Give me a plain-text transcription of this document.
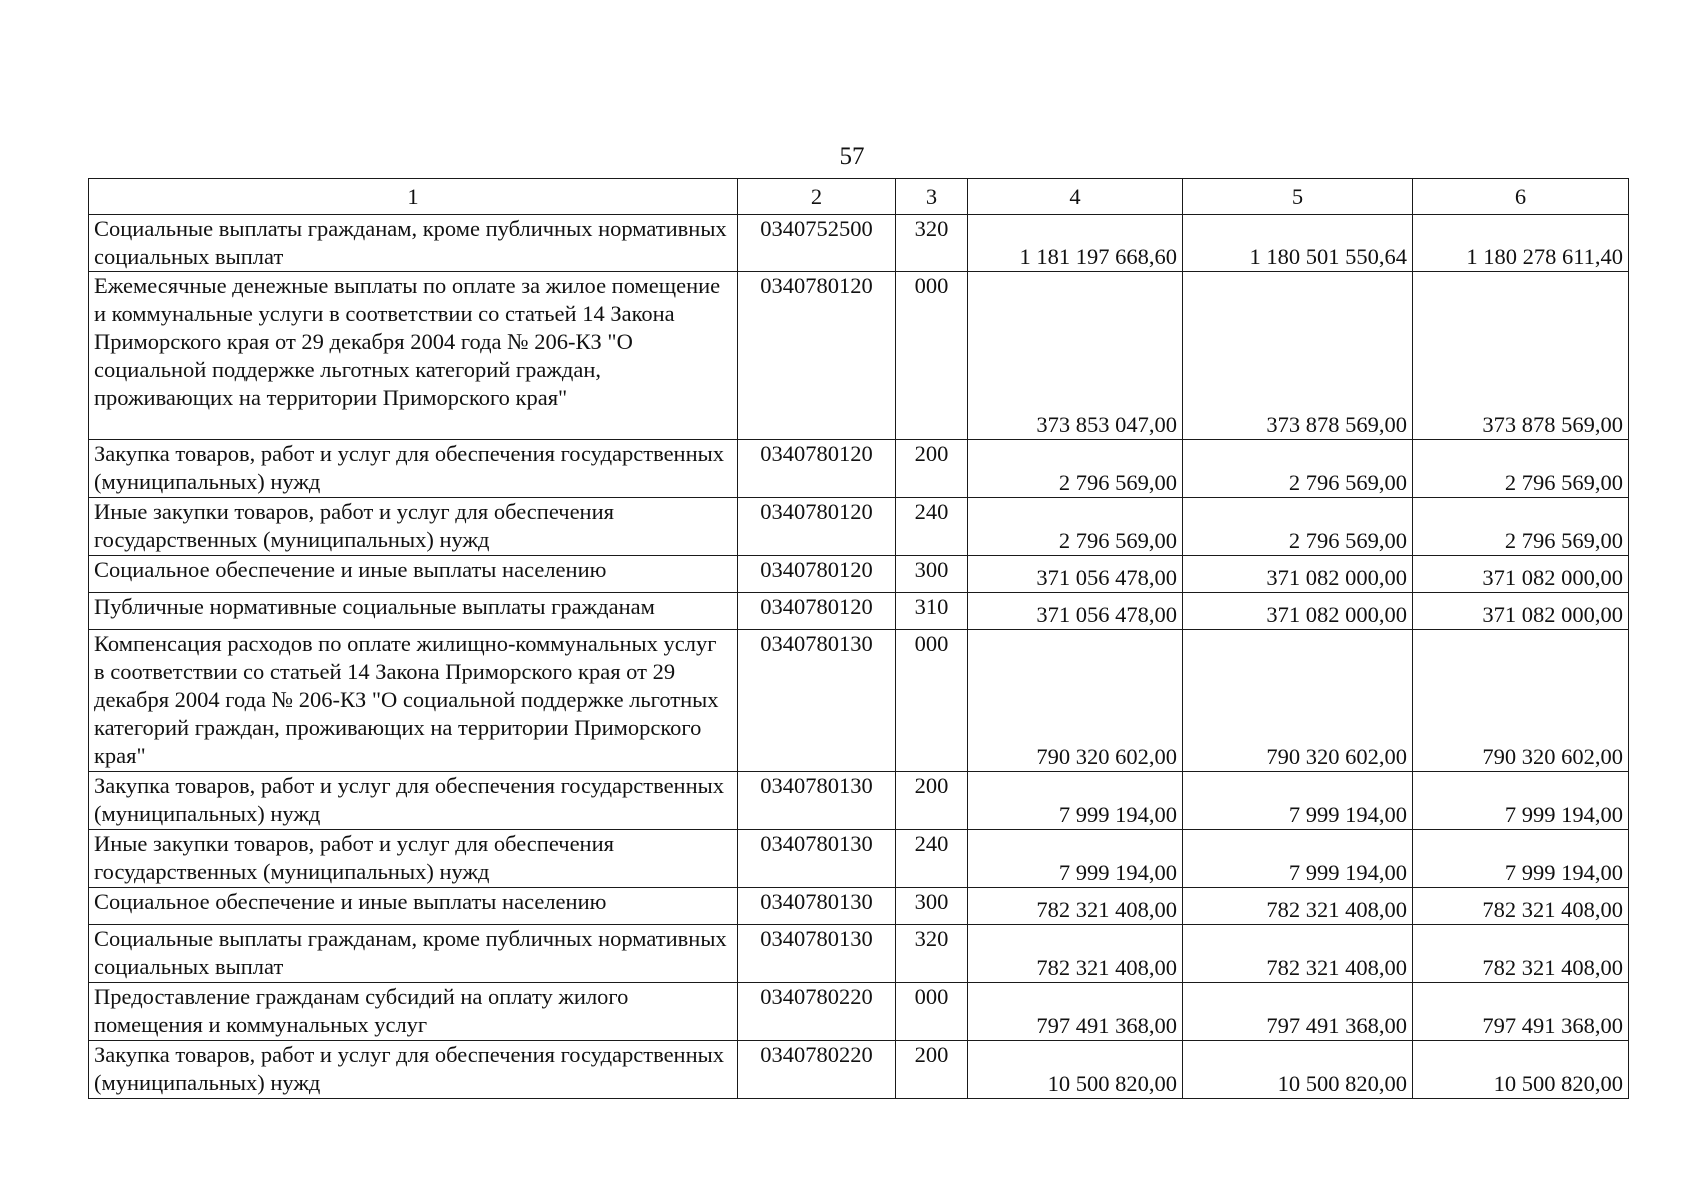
57
1	2	3	4	5	6
Социальные выплаты гражданам, кроме публичных нормативных социальных выплат	0340752500	320	1 181 197 668,60	1 180 501 550,64	1 180 278 611,40
Ежемесячные денежные выплаты по оплате за жилое помещение и коммунальные услуги в соответствии со статьей 14 Закона Приморского края от 29 декабря 2004 года № 206-КЗ "О социальной поддержке льготных категорий граждан, проживающих на территории Приморского края"	0340780120	000	373 853 047,00	373 878 569,00	373 878 569,00
Закупка товаров, работ и услуг для обеспечения государственных (муниципальных) нужд	0340780120	200	2 796 569,00	2 796 569,00	2 796 569,00
Иные закупки товаров, работ и услуг для обеспечения государственных (муниципальных) нужд	0340780120	240	2 796 569,00	2 796 569,00	2 796 569,00
Социальное обеспечение и иные выплаты населению	0340780120	300	371 056 478,00	371 082 000,00	371 082 000,00
Публичные нормативные социальные выплаты гражданам	0340780120	310	371 056 478,00	371 082 000,00	371 082 000,00
Компенсация расходов по оплате жилищно-коммунальных услуг в соответствии со статьей 14 Закона Приморского края от 29 декабря 2004 года № 206-КЗ "О социальной поддержке льготных категорий граждан, проживающих на территории Приморского края"	0340780130	000	790 320 602,00	790 320 602,00	790 320 602,00
Закупка товаров, работ и услуг для обеспечения государственных (муниципальных) нужд	0340780130	200	7 999 194,00	7 999 194,00	7 999 194,00
Иные закупки товаров, работ и услуг для обеспечения государственных (муниципальных) нужд	0340780130	240	7 999 194,00	7 999 194,00	7 999 194,00
Социальное обеспечение и иные выплаты населению	0340780130	300	782 321 408,00	782 321 408,00	782 321 408,00
Социальные выплаты гражданам, кроме публичных нормативных социальных выплат	0340780130	320	782 321 408,00	782 321 408,00	782 321 408,00
Предоставление гражданам субсидий на оплату жилого помещения и коммунальных услуг	0340780220	000	797 491 368,00	797 491 368,00	797 491 368,00
Закупка товаров, работ и услуг для обеспечения государственных (муниципальных) нужд	0340780220	200	10 500 820,00	10 500 820,00	10 500 820,00
